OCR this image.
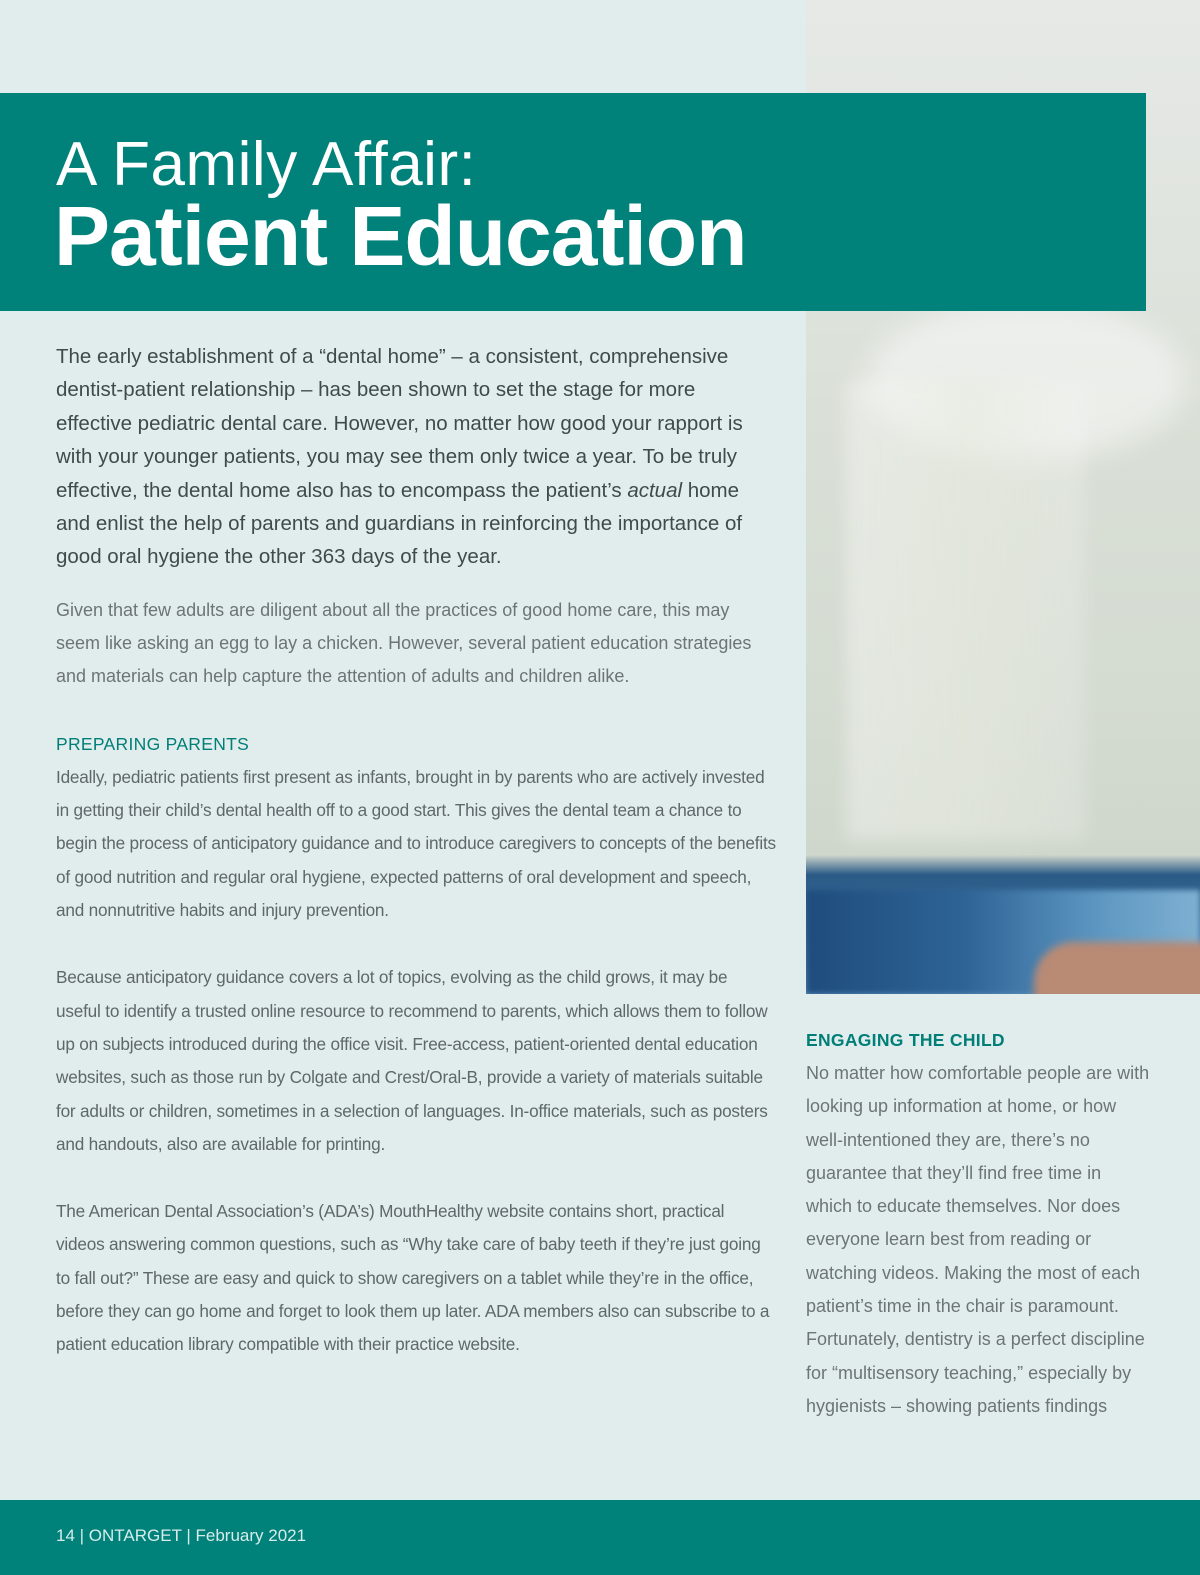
A Family Affair:
Patient Education

The early establishment of a “dental home” – a consistent, comprehensive dentist-patient relationship – has been shown to set the stage for more effective pediatric dental care. However, no matter how good your rapport is with your younger patients, you may see them only twice a year. To be truly effective, the dental home also has to encompass the patient’s actual home and enlist the help of parents and guardians in reinforcing the importance of good oral hygiene the other 363 days of the year.

Given that few adults are diligent about all the practices of good home care, this may seem like asking an egg to lay a chicken. However, several patient education strategies and materials can help capture the attention of adults and children alike.

PREPARING PARENTS

Ideally, pediatric patients first present as infants, brought in by parents who are actively invested in getting their child’s dental health off to a good start. This gives the dental team a chance to begin the process of anticipatory guidance and to introduce caregivers to concepts of the benefits of good nutrition and regular oral hygiene, expected patterns of oral development and speech, and nonnutritive habits and injury prevention.

Because anticipatory guidance covers a lot of topics, evolving as the child grows, it may be useful to identify a trusted online resource to recommend to parents, which allows them to follow up on subjects introduced during the office visit. Free-access, patient-oriented dental education websites, such as those run by Colgate and Crest/Oral-B, provide a variety of materials suitable for adults or children, sometimes in a selection of languages. In-office materials, such as posters and handouts, also are available for printing.

The American Dental Association’s (ADA’s) MouthHealthy website contains short, practical videos answering common questions, such as “Why take care of baby teeth if they’re just going to fall out?” These are easy and quick to show caregivers on a tablet while they’re in the office, before they can go home and forget to look them up later. ADA members also can subscribe to a patient education library compatible with their practice website.

ENGAGING THE CHILD

No matter how comfortable people are with looking up information at home, or how well-intentioned they are, there’s no guarantee that they’ll find free time in which to educate themselves. Nor does everyone learn best from reading or watching videos. Making the most of each patient’s time in the chair is paramount. Fortunately, dentistry is a perfect discipline for “multisensory teaching,” especially by hygienists – showing patients findings

14 | ONTARGET | February 2021
